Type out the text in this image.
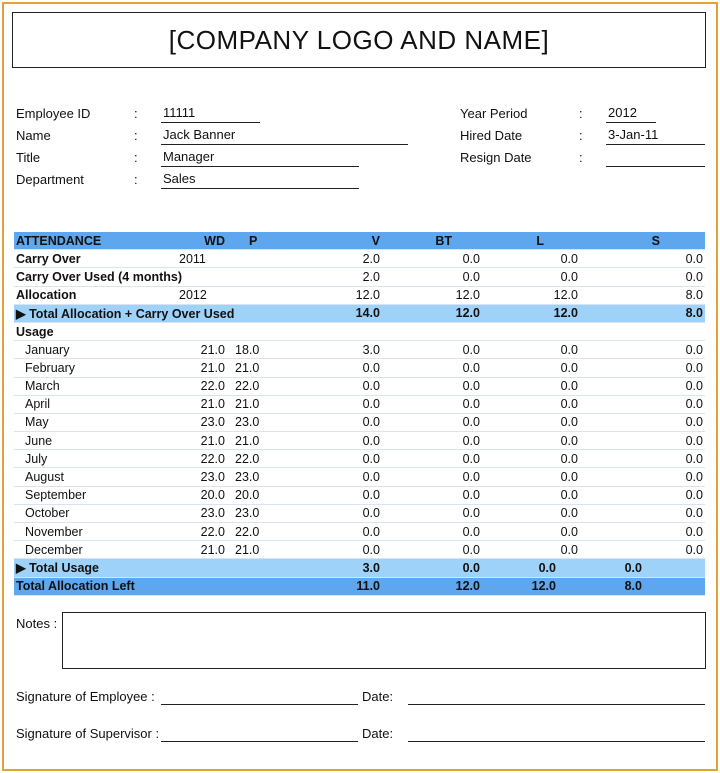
[COMPANY LOGO AND NAME]
Employee ID	: 11111
Name	: Jack Banner
Title	: Manager
Department	: Sales
Year Period	: 2012
Hired Date	: 3-Jan-11
Resign Date	:
ATTENDANCE	WD	P	V	BT	L		S
Carry Over	2011		2.0	0.0	0.0		0.0
Carry Over Used (4 months)			2.0	0.0	0.0		0.0
Allocation	2012		12.0	12.0	12.0		8.0
▶ Total Allocation + Carry Over Used			14.0	12.0	12.0		8.0
Usage							
January	21.0	18.0	3.0	0.0	0.0		0.0
February	21.0	21.0	0.0	0.0	0.0		0.0
March	22.0	22.0	0.0	0.0	0.0		0.0
April	21.0	21.0	0.0	0.0	0.0		0.0
May	23.0	23.0	0.0	0.0	0.0		0.0
June	21.0	21.0	0.0	0.0	0.0		0.0
July	22.0	22.0	0.0	0.0	0.0		0.0
August	23.0	23.0	0.0	0.0	0.0		0.0
September	20.0	20.0	0.0	0.0	0.0		0.0
October	23.0	23.0	0.0	0.0	0.0		0.0
November	22.0	22.0	0.0	0.0	0.0		0.0
December	21.0	21.0	0.0	0.0	0.0		0.0
▶ Total Usage			3.0	0.0	0.0		0.0
Total Allocation Left			11.0	12.0	12.0		8.0
Notes :
Signature of Employee :	Date:
Signature of Supervisor :	Date:
